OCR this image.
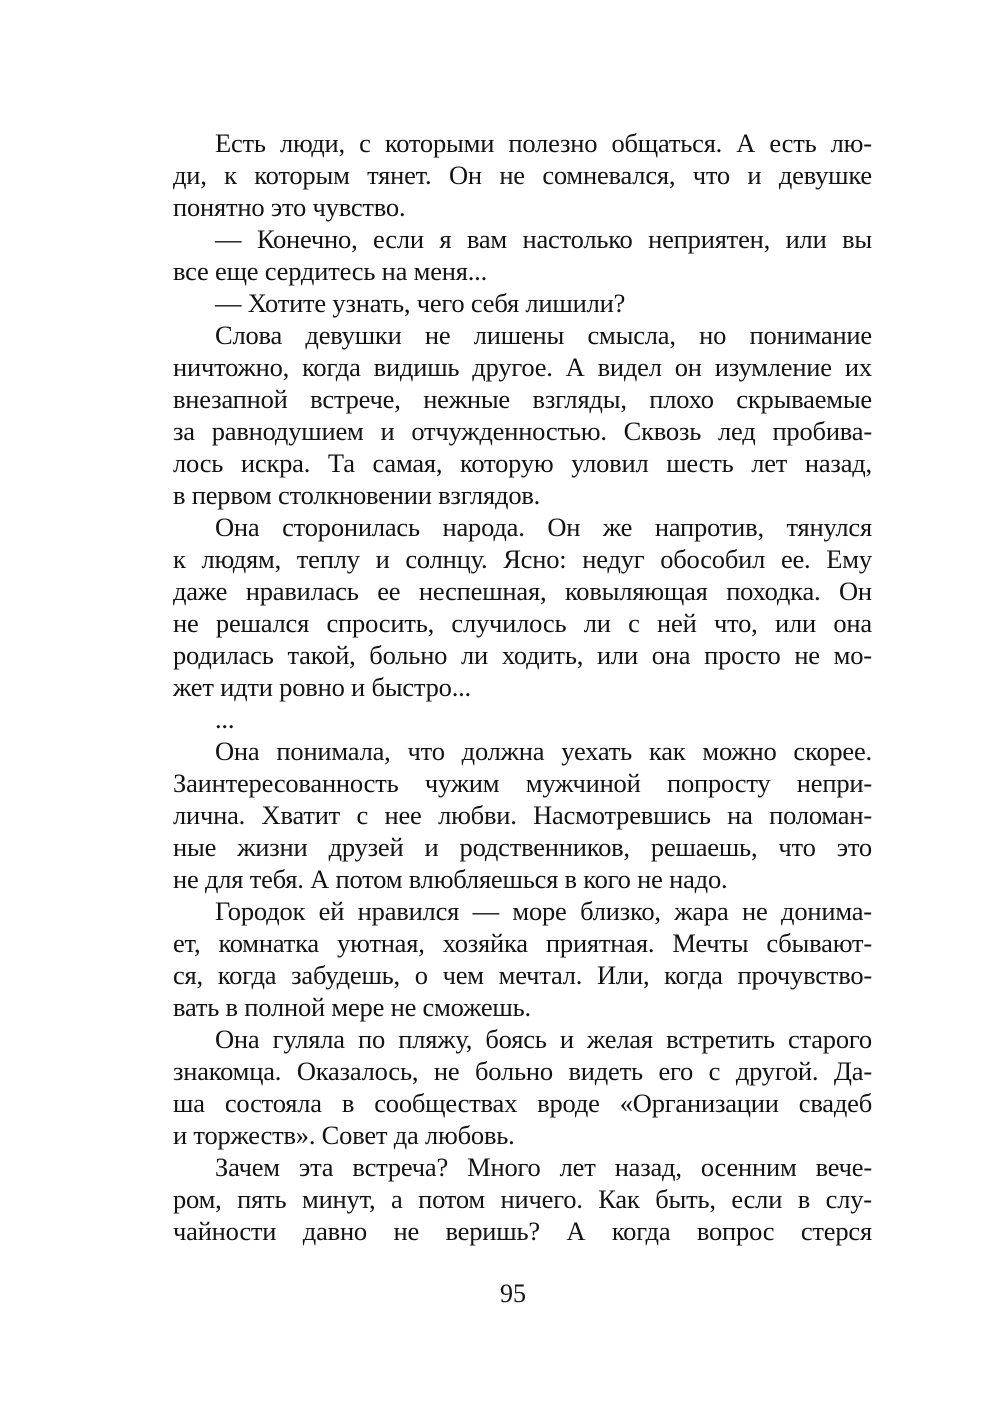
Есть люди, с которыми полезно общаться. А есть лю-
ди, к которым тянет. Он не сомневался, что и девушке
понятно это чувство.
— Конечно, если я вам настолько неприятен, или вы
все еще сердитесь на меня...
— Хотите узнать, чего себя лишили?
Слова девушки не лишены смысла, но понимание
ничтожно, когда видишь другое. А видел он изумление их
внезапной встрече, нежные взгляды, плохо скрываемые
за равнодушием и отчужденностью. Сквозь лед пробива-
лось искра. Та самая, которую уловил шесть лет назад,
в первом столкновении взглядов.
Она сторонилась народа. Он же напротив, тянулся
к людям, теплу и солнцу. Ясно: недуг обособил ее. Ему
даже нравилась ее неспешная, ковыляющая походка. Он
не решался спросить, случилось ли с ней что, или она
родилась такой, больно ли ходить, или она просто не мо-
жет идти ровно и быстро...
...
Она понимала, что должна уехать как можно скорее.
Заинтересованность чужим мужчиной попросту непри-
лична. Хватит с нее любви. Насмотревшись на поломан-
ные жизни друзей и родственников, решаешь, что это
не для тебя. А потом влюбляешься в кого не надо.
Городок ей нравился — море близко, жара не донима-
ет, комнатка уютная, хозяйка приятная. Мечты сбывают-
ся, когда забудешь, о чем мечтал. Или, когда прочувство-
вать в полной мере не сможешь.
Она гуляла по пляжу, боясь и желая встретить старого
знакомца. Оказалось, не больно видеть его с другой. Да-
ша состояла в сообществах вроде «Организации свадеб
и торжеств». Совет да любовь.
Зачем эта встреча? Много лет назад, осенним вече-
ром, пять минут, а потом ничего. Как быть, если в слу-
чайности давно не веришь? А когда вопрос стерся
95
